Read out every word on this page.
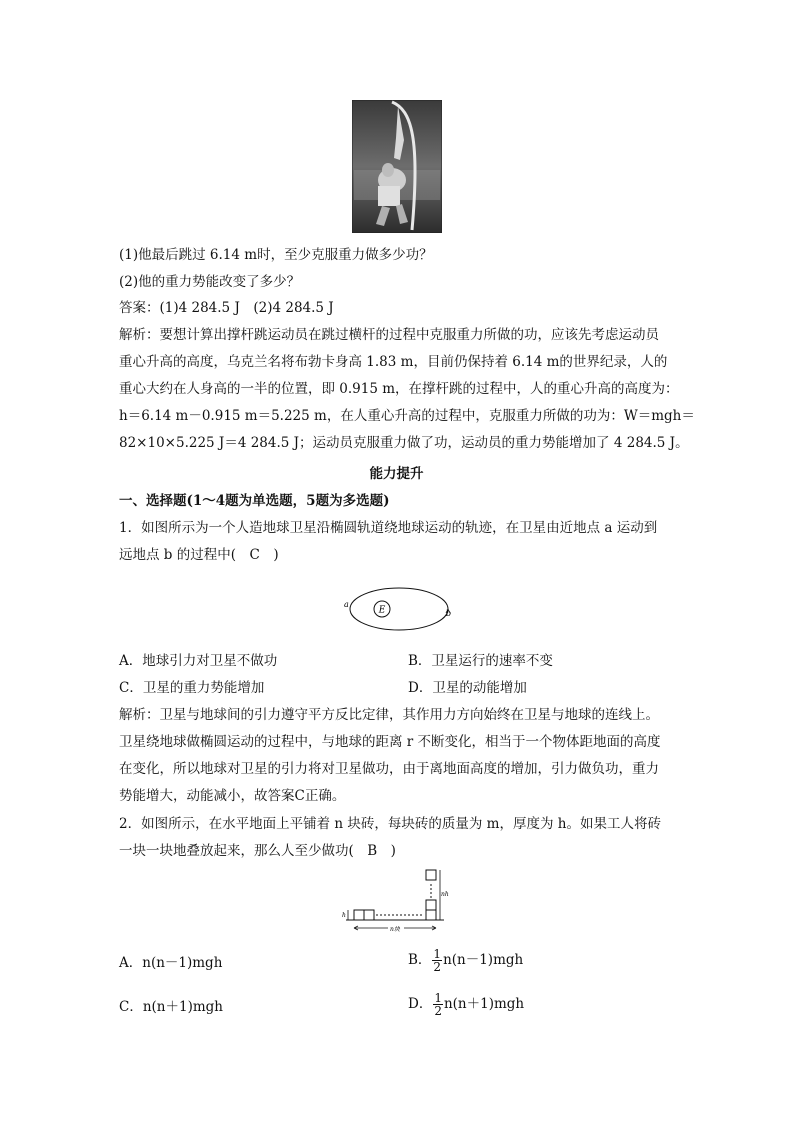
(1)他最后跳过 6.14 m时，至少克服重力做多少功？
(2)他的重力势能改变了多少？
答案：(1)4 284.5 J　(2)4 284.5 J
解析：要想计算出撑杆跳运动员在跳过横杆的过程中克服重力所做的功，应该先考虑运动员
重心升高的高度，乌克兰名将布勃卡身高 1.83 m，目前仍保持着 6.14 m的世界纪录，人的
重心大约在人身高的一半的位置，即 0.915 m，在撑杆跳的过程中，人的重心升高的高度为：
h＝6.14 m－0.915 m＝5.225 m，在人重心升高的过程中，克服重力所做的功为：W＝mgh＝
82×10×5.225 J＝4 284.5 J；运动员克服重力做了功，运动员的重力势能增加了 4 284.5 J。
能力提升
一、选择题(1～4题为单选题，5题为多选题)
1．如图所示为一个人造地球卫星沿椭圆轨道绕地球运动的轨迹，在卫星由近地点 a 运动到
远地点 b 的过程中(　C　)
E
a
b
A．地球引力对卫星不做功	B．卫星运行的速率不变
C．卫星的重力势能增加	D．卫星的动能增加
解析：卫星与地球间的引力遵守平方反比定律，其作用力方向始终在卫星与地球的连线上。
卫星绕地球做椭圆运动的过程中，与地球的距离 r 不断变化，相当于一个物体距地面的高度
在变化，所以地球对卫星的引力将对卫星做功，由于离地面高度的增加，引力做负功，重力
势能增大，动能减小，故答案C正确。
2．如图所示，在水平地面上平铺着 n 块砖，每块砖的质量为 m，厚度为 h。如果工人将砖
一块一块地叠放起来，那么人至少做功(　B　)
nh
h
n块
A．n(n－1)mgh	B． $\frac{1}{2} n(n-1)mgh$
C．n(n＋1)mgh	D． $\frac{1}{2} n(n+1)mgh$
